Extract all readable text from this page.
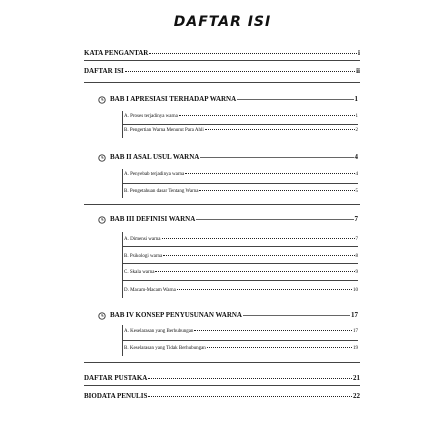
DAFTAR ISI
KATA PENGANTAR	i
DAFTAR ISI	ii
BAB I APRESIASI TERHADAP WARNA	1
A. Proses terjadinya warna	1
B. Pengertian Warna Menurut Para Ahli	2
BAB II ASAL USUL WARNA	4
A. Penyebab terjadinya warna	4
B. Pengetahuan dasar Tentang Warna	5
BAB III DEFINISI WARNA	7
A. Dimensi warna	7
B. Psikologi warna	8
C. Skala warna	9
D. Macam-Macam Warna	10
BAB IV KONSEP PENYUSUNAN WARNA	17
A. Keselarasan yang Berhubungan	17
B. Keselarasan yang Tidak Berhubungan	19
DAFTAR PUSTAKA	21
BIODATA PENULIS	22
